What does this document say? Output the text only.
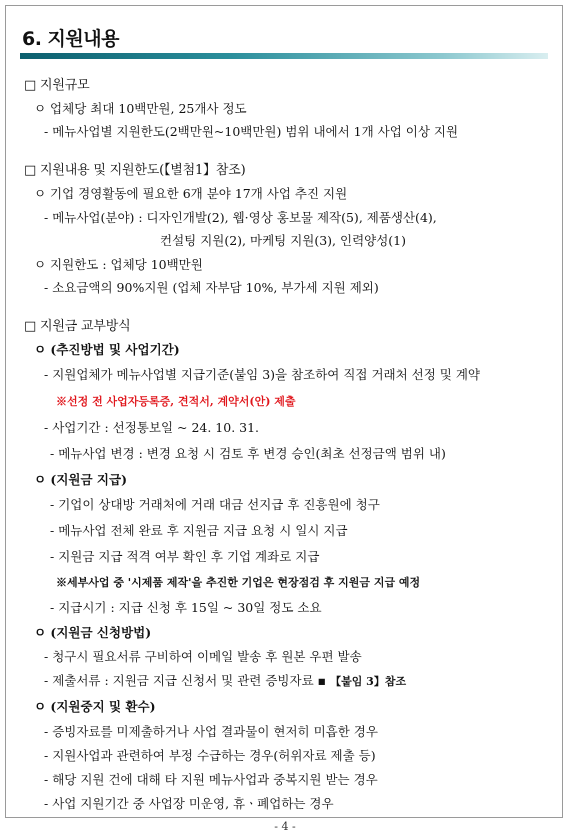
6. 지원내용
□ 지원규모
ㅇ 업체당 최대 10백만원, 25개사 정도
- 메뉴사업별 지원한도(2백만원~10백만원) 범위 내에서 1개 사업 이상 지원
□ 지원내용 및 지원한도(【별첨1】참조)
ㅇ 기업 경영활동에 필요한 6개 분야 17개 사업 추진 지원
- 메뉴사업(분야) : 디자인개발(2), 웹·영상 홍보물 제작(5), 제품생산(4),
컨설팅 지원(2), 마케팅 지원(3), 인력양성(1)
ㅇ 지원한도 : 업체당 10백만원
- 소요금액의 90%지원 (업체 자부담 10%, 부가세 지원 제외)
□ 지원금 교부방식
ㅇ (추진방법 및 사업기간)
- 지원업체가 메뉴사업별 지급기준(붙임 3)을 참조하여 직접 거래처 선정 및 계약
※선정 전 사업자등록증, 견적서, 계약서(안) 제출
- 사업기간 : 선정통보일 ~ 24. 10. 31.
- 메뉴사업 변경 : 변경 요청 시 검토 후 변경 승인(최초 선정금액 범위 내)
ㅇ (지원금 지급)
- 기업이 상대방 거래처에 거래 대금 선지급 후 진흥원에 청구
- 메뉴사업 전체 완료 후 지원금 지급 요청 시 일시 지급
- 지원금 지급 적격 여부 확인 후 기업 계좌로 지급
※세부사업 중 '시제품 제작'을 추진한 기업은 현장점검 후 지원금 지급 예정
- 지급시기 : 지급 신청 후 15일 ~ 30일 정도 소요
ㅇ (지원금 신청방법)
- 청구시 필요서류 구비하여 이메일 발송 후 원본 우편 발송
- 제출서류 : 지원금 지급 신청서 및 관련 증빙자료 ▪ 【붙임 3】참조
ㅇ (지원중지 및 환수)
- 증빙자료를 미제출하거나 사업 결과물이 현저히 미흡한 경우
- 지원사업과 관련하여 부정 수급하는 경우(허위자료 제출 등)
- 해당 지원 건에 대해 타 지원 메뉴사업과 중복지원 받는 경우
- 사업 지원기간 중 사업장 미운영, 휴ㆍ폐업하는 경우
- 4 -
